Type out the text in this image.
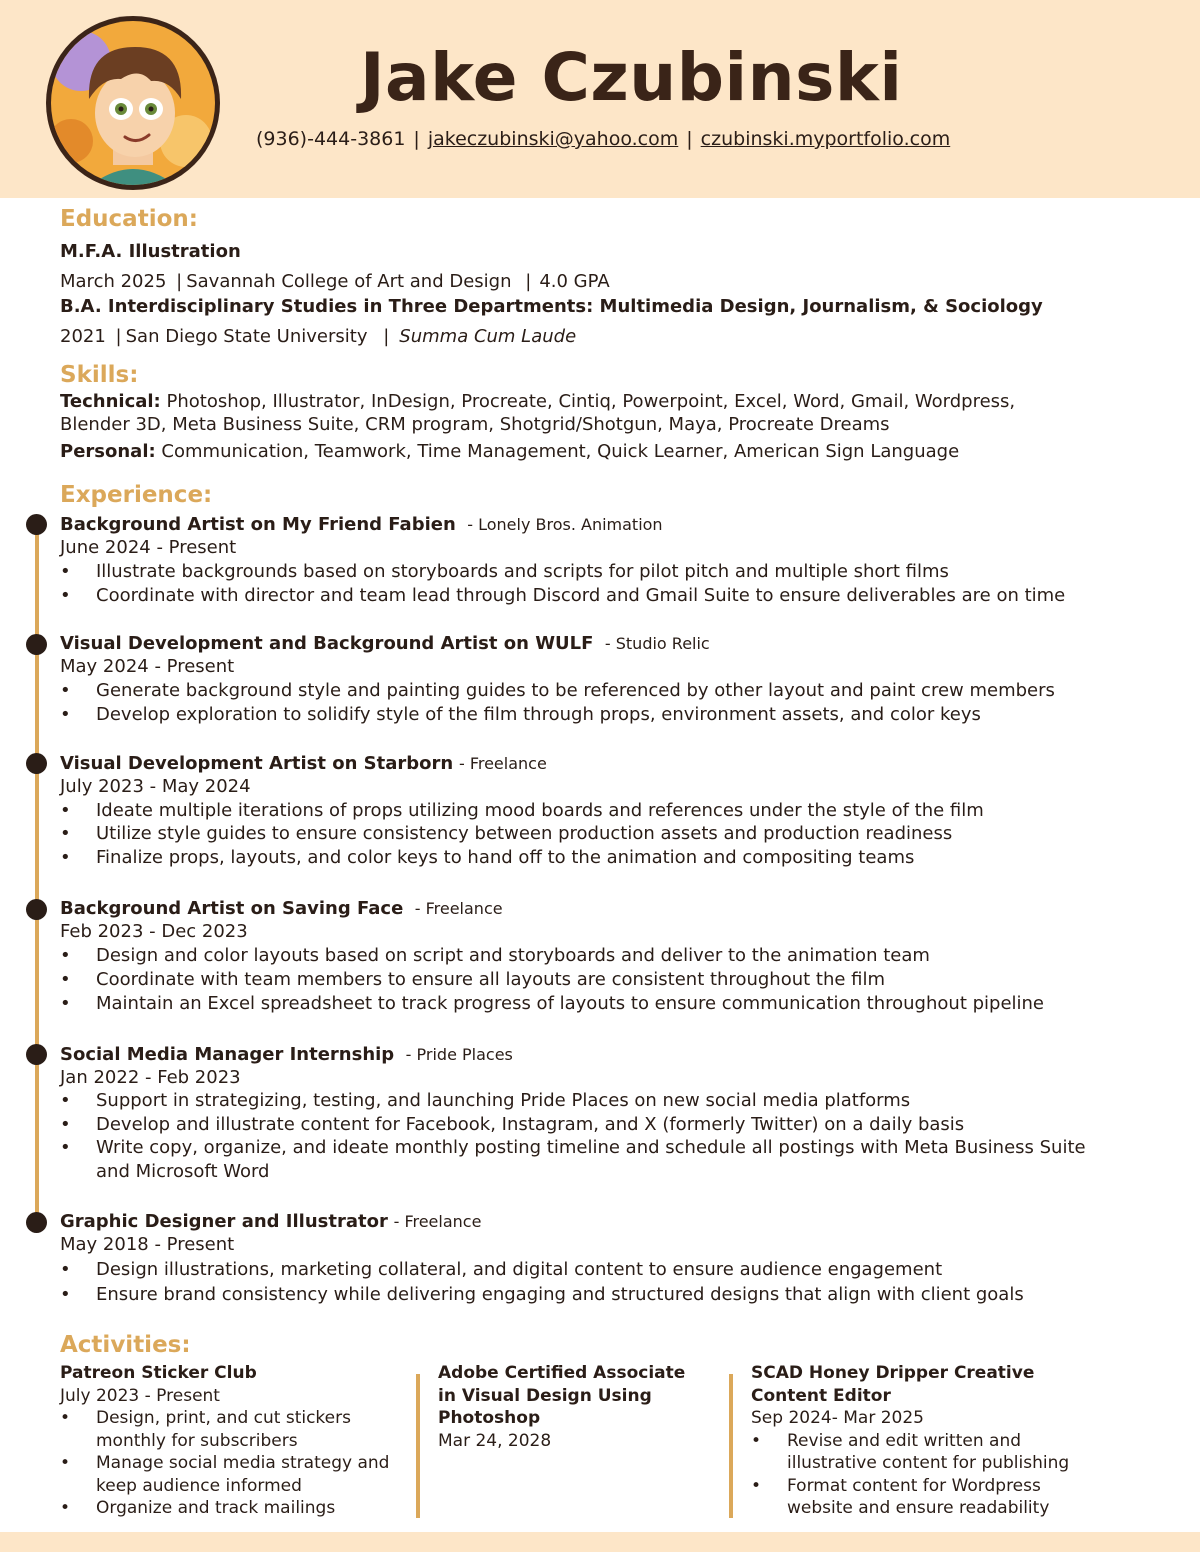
Jake Czubinski
(936)-444-3861 | jakeczubinski@yahoo.com | czubinski.myportfolio.com
Education:
M.F.A. Illustration
March 2025 | Savannah College of Art and Design | 4.0 GPA
B.A. Interdisciplinary Studies in Three Departments: Multimedia Design, Journalism, & Sociology
2021 | San Diego State University | Summa Cum Laude
Skills:
Technical: Photoshop, Illustrator, InDesign, Procreate, Cintiq, Powerpoint, Excel, Word, Gmail, Wordpress,
Blender 3D, Meta Business Suite, CRM program, Shotgrid/Shotgun, Maya, Procreate Dreams
Personal: Communication, Teamwork, Time Management, Quick Learner, American Sign Language
Experience:
Background Artist on My Friend Fabien - Lonely Bros. Animation
June 2024 - Present
• Illustrate backgrounds based on storyboards and scripts for pilot pitch and multiple short films
• Coordinate with director and team lead through Discord and Gmail Suite to ensure deliverables are on time
Visual Development and Background Artist on WULF - Studio Relic
May 2024 - Present
• Generate background style and painting guides to be referenced by other layout and paint crew members
• Develop exploration to solidify style of the film through props, environment assets, and color keys
Visual Development Artist on Starborn - Freelance
July 2023 - May 2024
• Ideate multiple iterations of props utilizing mood boards and references under the style of the film
• Utilize style guides to ensure consistency between production assets and production readiness
• Finalize props, layouts, and color keys to hand off to the animation and compositing teams
Background Artist on Saving Face - Freelance
Feb 2023 - Dec 2023
• Design and color layouts based on script and storyboards and deliver to the animation team
• Coordinate with team members to ensure all layouts are consistent throughout the film
• Maintain an Excel spreadsheet to track progress of layouts to ensure communication throughout pipeline
Social Media Manager Internship - Pride Places
Jan 2022 - Feb 2023
• Support in strategizing, testing, and launching Pride Places on new social media platforms
• Develop and illustrate content for Facebook, Instagram, and X (formerly Twitter) on a daily basis
• Write copy, organize, and ideate monthly posting timeline and schedule all postings with Meta Business Suite
and Microsoft Word
Graphic Designer and Illustrator - Freelance
May 2018 - Present
• Design illustrations, marketing collateral, and digital content to ensure audience engagement
• Ensure brand consistency while delivering engaging and structured designs that align with client goals
Activities:
Patreon Sticker Club
July 2023 - Present
• Design, print, and cut stickers monthly for subscribers
• Manage social media strategy and keep audience informed
• Organize and track mailings
Adobe Certified Associate
in Visual Design Using
Photoshop
Mar 24, 2028
SCAD Honey Dripper Creative
Content Editor
Sep 2024- Mar 2025
• Revise and edit written and illustrative content for publishing
• Format content for Wordpress website and ensure readability
